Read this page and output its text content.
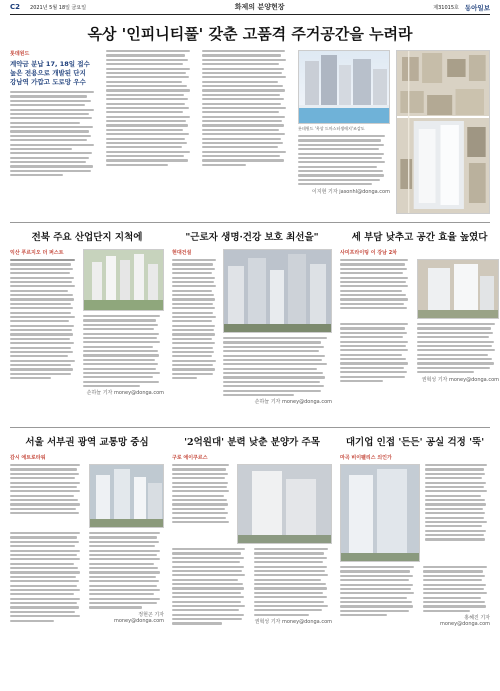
C2 2021년 5월 18일 금요일	화제의 분양현장	제31015호 동아일보
옥상 '인피니티풀' 갖춘 고품격 주거공간을 누려라
롯데원드
계약금 분납 17, 18일 접수
높은 전용으로 개발된 단지
강남역 가깝고 도로망 우수
롯데원드 '옥상 드마스터생애지'조감도
이지현 기자 jasonhl@donga.com
전북 주요 산업단지 지척에
익산 푸르지오 더 퍼스트
손하늘 기자 money@donga.com
"근로자 생명·건강 보호 최선을"
현대건설
손하늘 기자 money@donga.com
세 부담 낮추고 공간 효율 높였다
사미프라이팅 이 강남 2차
권혁성 기자 money@donga.com
서울 서부권 광역 교통망 중심
감시 에트로타워
정현곤 기자 money@donga.com
'2억원대' 분력 낮춘 분양가 주목
구로 에이쿠르스
권혁성 기자 money@donga.com
대기업 인접 '든든' 공실 걱정 '뚝'
마곡 비이팰리스 의인가
홍혜진 기자 money@donga.com
